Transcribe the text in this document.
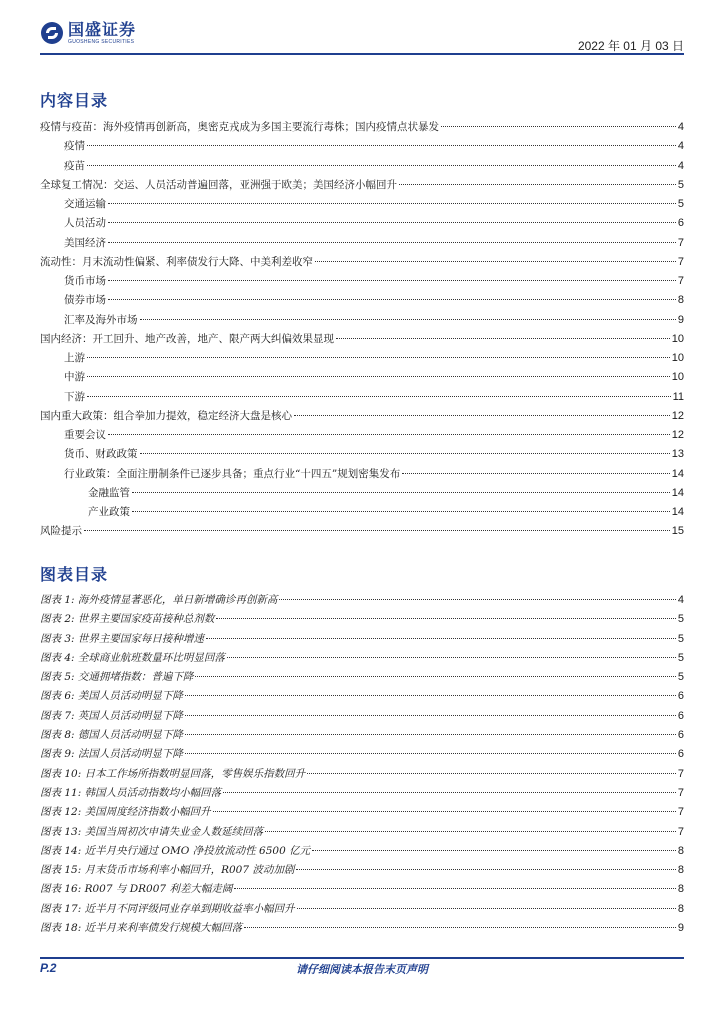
国盛证券
GUOSHENG SECURITIES	2022 年 01 月 03 日
内容目录
疫情与疫苗：海外疫情再创新高，奥密克戎成为多国主要流行毒株；国内疫情点状暴发	4
疫情	4
疫苗	4
全球复工情况：交运、人员活动普遍回落，亚洲强于欧美；美国经济小幅回升	5
交通运输	5
人员活动	6
美国经济	7
流动性：月末流动性偏紧、利率债发行大降、中美利差收窄	7
货币市场	7
债券市场	8
汇率及海外市场	9
国内经济：开工回升、地产改善，地产、限产两大纠偏效果显现	10
上游	10
中游	10
下游	11
国内重大政策：组合拳加力提效，稳定经济大盘是核心	12
重要会议	12
货币、财政政策	13
行业政策：全面注册制条件已逐步具备；重点行业“十四五”规划密集发布	14
金融监管	14
产业政策	14
风险提示	15
图表目录
图表 1: 海外疫情显著恶化，单日新增确诊再创新高	4
图表 2: 世界主要国家疫苗接种总剂数	5
图表 3: 世界主要国家每日接种增速	5
图表 4: 全球商业航班数量环比明显回落	5
图表 5: 交通拥堵指数：普遍下降	5
图表 6: 美国人员活动明显下降	6
图表 7: 英国人员活动明显下降	6
图表 8: 德国人员活动明显下降	6
图表 9: 法国人员活动明显下降	6
图表 10: 日本工作场所指数明显回落，零售娱乐指数回升	7
图表 11: 韩国人员活动指数均小幅回落	7
图表 12: 美国周度经济指数小幅回升	7
图表 13: 美国当周初次申请失业金人数延续回落	7
图表 14: 近半月央行通过 OMO 净投放流动性 6500 亿元	8
图表 15: 月末货币市场利率小幅回升，R007 波动加剧	8
图表 16: R007 与 DR007 利差大幅走阔	8
图表 17: 近半月不同评级同业存单到期收益率小幅回升	8
图表 18: 近半月来利率债发行规模大幅回落	9
P.2	请仔细阅读本报告末页声明
